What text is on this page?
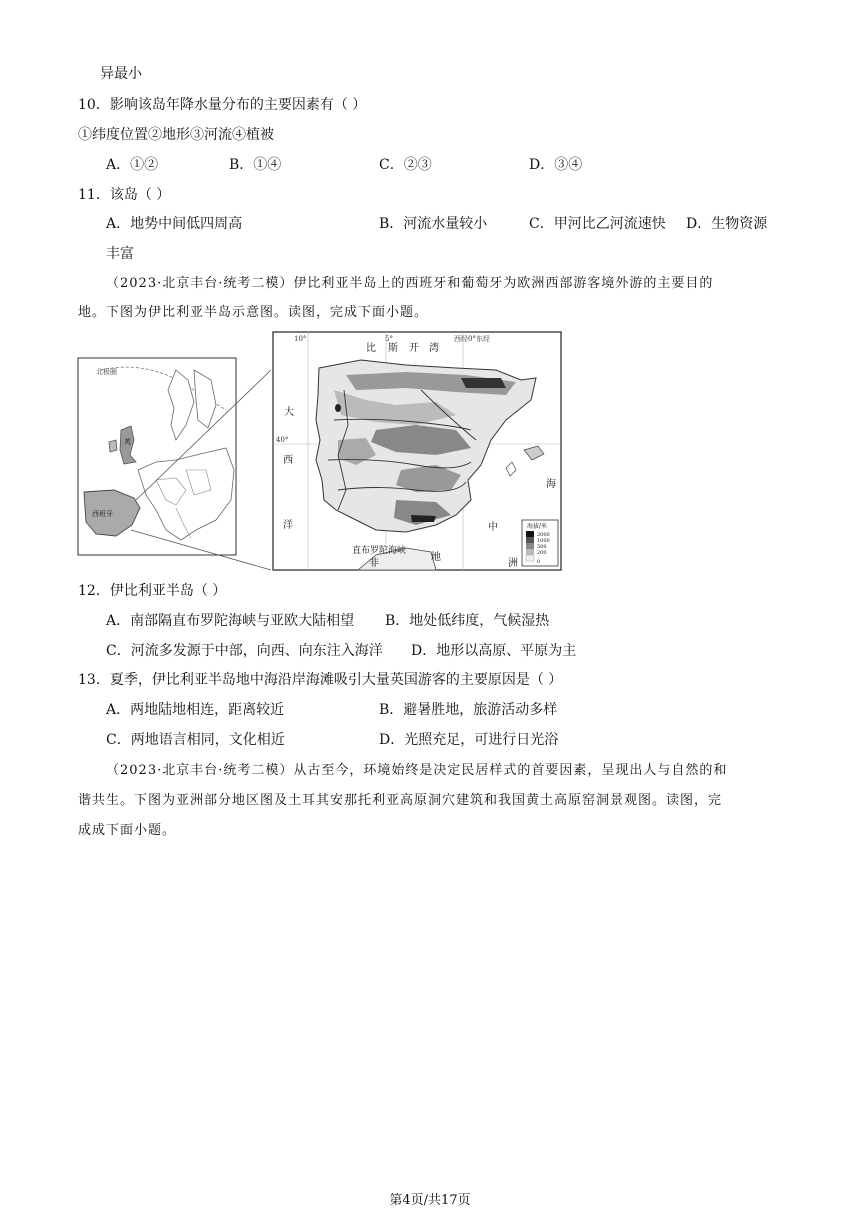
异最小
10．影响该岛年降水量分布的主要因素有（ ）
①纬度位置②地形③河流④植被
A．①②	B．①④	C．②③	D．③④
11．该岛（ ）
A．地势中间低四周高	B．河流水量较小	C．甲河比乙河流速快 D．生物资源
丰富
（2023·北京丰台·统考二模）伊比利亚半岛上的西班牙和葡萄牙为欧洲西部游客境外游的主要目的
地。下图为伊比利亚半岛示意图。读图，完成下面小题。
北极圈
英
西班牙
10°	5°	西经0°东经
40°
比 斯 开 湾
大
西
洋	中
海
直布罗陀海峡
非
地
洲
海拔/米
2000
1000
500
200
0
12．伊比利亚半岛（ ）
A．南部隔直布罗陀海峡与亚欧大陆相望 B．地处低纬度，气候湿热
C．河流多发源于中部，向西、向东注入海洋 D．地形以高原、平原为主
13．夏季，伊比利亚半岛地中海沿岸海滩吸引大量英国游客的主要原因是（ ）
A．两地陆地相连，距离较近	B．避暑胜地，旅游活动多样
C．两地语言相同，文化相近	D．光照充足，可进行日光浴
（2023·北京丰台·统考二模）从古至今，环境始终是决定民居样式的首要因素，呈现出人与自然的和
谐共生。下图为亚洲部分地区图及土耳其安那托利亚高原洞穴建筑和我国黄土高原窑洞景观图。读图，完
成成下面小题。
第4页/共17页
